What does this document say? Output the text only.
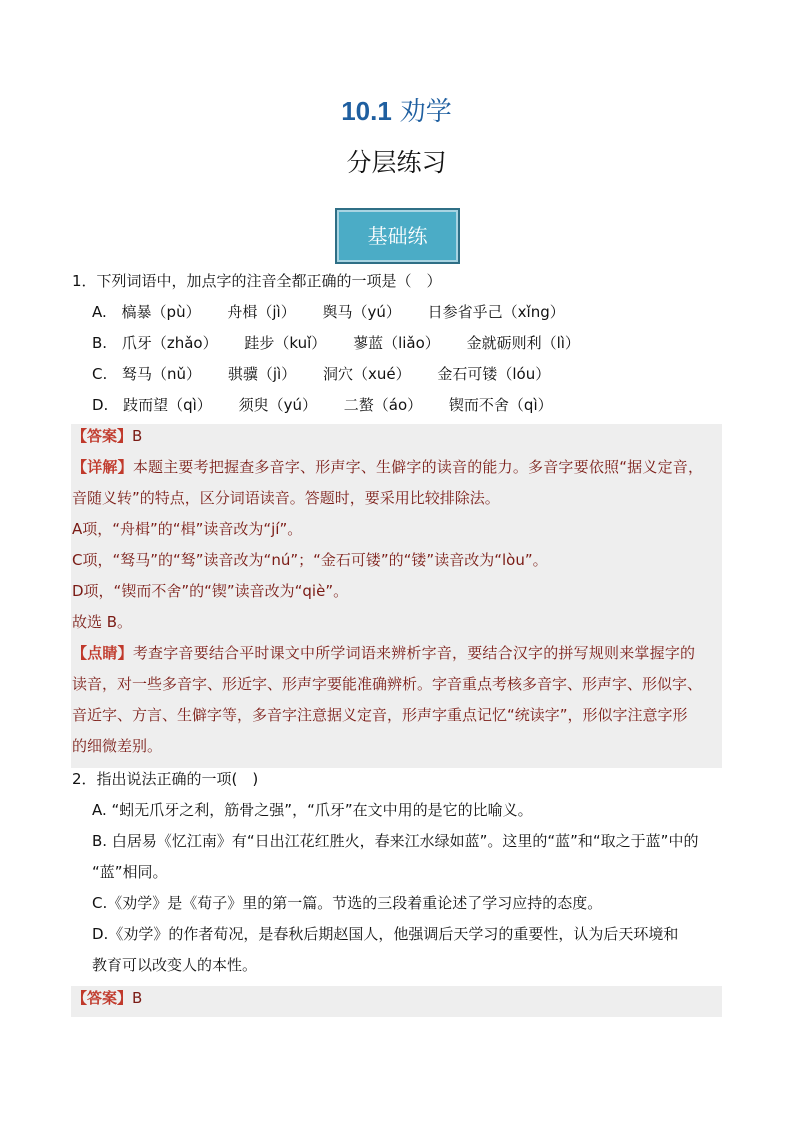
10.1 劝学
分层练习
基础练
1．下列词语中，加点字的注音全都正确的一项是（　）
A. 槁暴（pù） 舟楫（jì） 舆马（yú） 日参省乎己（xǐng）
B. 爪牙（zhǎo） 跬步（kuǐ） 蓼蓝（liǎo） 金就砺则利（lì）
C. 驽马（nǔ） 骐骥（jì） 洞穴（xué） 金石可镂（lóu）
D. 跂而望（qì） 须臾（yú） 二螯（áo） 锲而不舍（qì）
【答案】B
【详解】本题主要考把握查多音字、形声字、生僻字的读音的能力。多音字要依照“据义定音，
音随义转”的特点，区分词语读音。答题时，要采用比较排除法。
A项，“舟楫”的“楫”读音改为“jí”。
C项，“驽马”的“驽”读音改为“nú”；“金石可镂”的“镂”读音改为“lòu”。
D项，“锲而不舍”的“锲”读音改为“qiè”。
故选 B。
【点睛】考查字音要结合平时课文中所学词语来辨析字音，要结合汉字的拼写规则来掌握字的
读音，对一些多音字、形近字、形声字要能准确辨析。字音重点考核多音字、形声字、形似字、
音近字、方言、生僻字等，多音字注意据义定音，形声字重点记忆“统读字”，形似字注意字形
的细微差别。
2．指出说法正确的一项(　)
A. “蚓无爪牙之利，筋骨之强”，“爪牙”在文中用的是它的比喻义。
B. 白居易《忆江南》有“日出江花红胜火，春来江水绿如蓝”。这里的“蓝”和“取之于蓝”中的
“蓝”相同。
C.《劝学》是《荀子》里的第一篇。节选的三段着重论述了学习应持的态度。
D.《劝学》的作者荀况，是春秋后期赵国人，他强调后天学习的重要性，认为后天环境和
教育可以改变人的本性。
【答案】B
